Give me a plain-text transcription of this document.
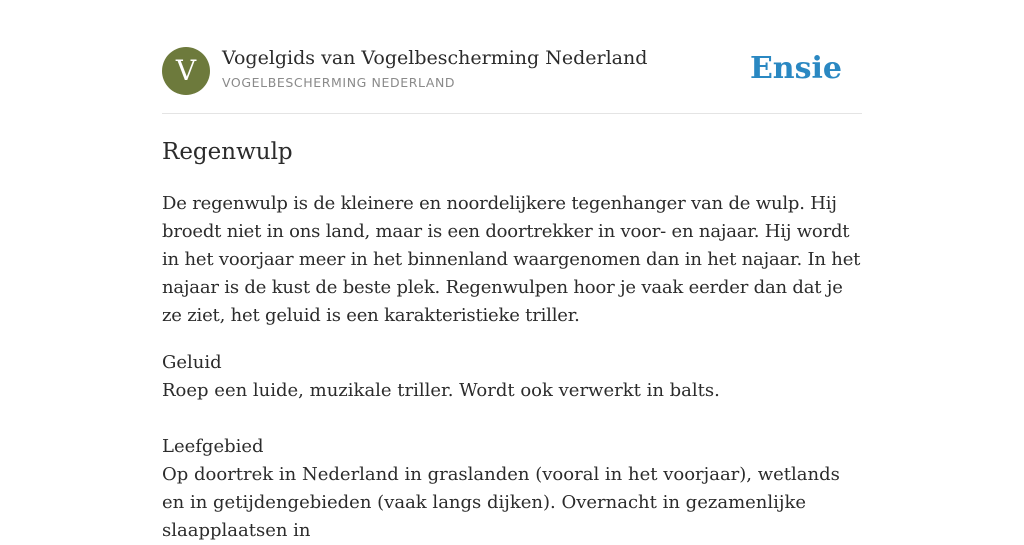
V	Vogelgids van Vogelbescherming Nederland
VOGELBESCHERMING NEDERLAND	Ensie
Regenwulp

De regenwulp is de kleinere en noordelijkere tegenhanger van de wulp. Hij broedt niet in ons land, maar is een doortrekker in voor- en najaar. Hij wordt in het voorjaar meer in het binnenland waargenomen dan in het najaar. In het najaar is de kust de beste plek. Regenwulpen hoor je vaak eerder dan dat je ze ziet, het geluid is een karakteristieke triller.

Geluid
Roep een luide, muzikale triller. Wordt ook verwerkt in balts.
Leefgebied
Op doortrek in Nederland in graslanden (vooral in het voorjaar), wetlands en in getijdengebieden (vaak langs dijken). Overnacht in gezamenlijke slaapplaatsen in
